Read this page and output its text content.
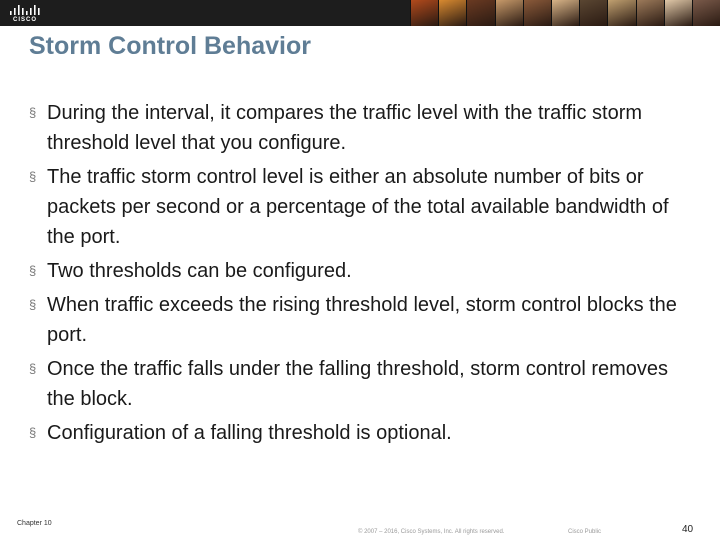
CISCO
Storm Control Behavior
§ During the interval, it compares the traffic level with the traffic storm threshold level that you configure.
§ The traffic storm control level is either an absolute number of bits or packets per second or a percentage of the total available bandwidth of the port.
§ Two thresholds can be configured.
§ When traffic exceeds the rising threshold level, storm control blocks the port.
§ Once the traffic falls under the falling threshold, storm control removes the block.
§ Configuration of a falling threshold is optional.
Chapter 10
© 2007 – 2016, Cisco Systems, Inc. All rights reserved.	Cisco Public	40
